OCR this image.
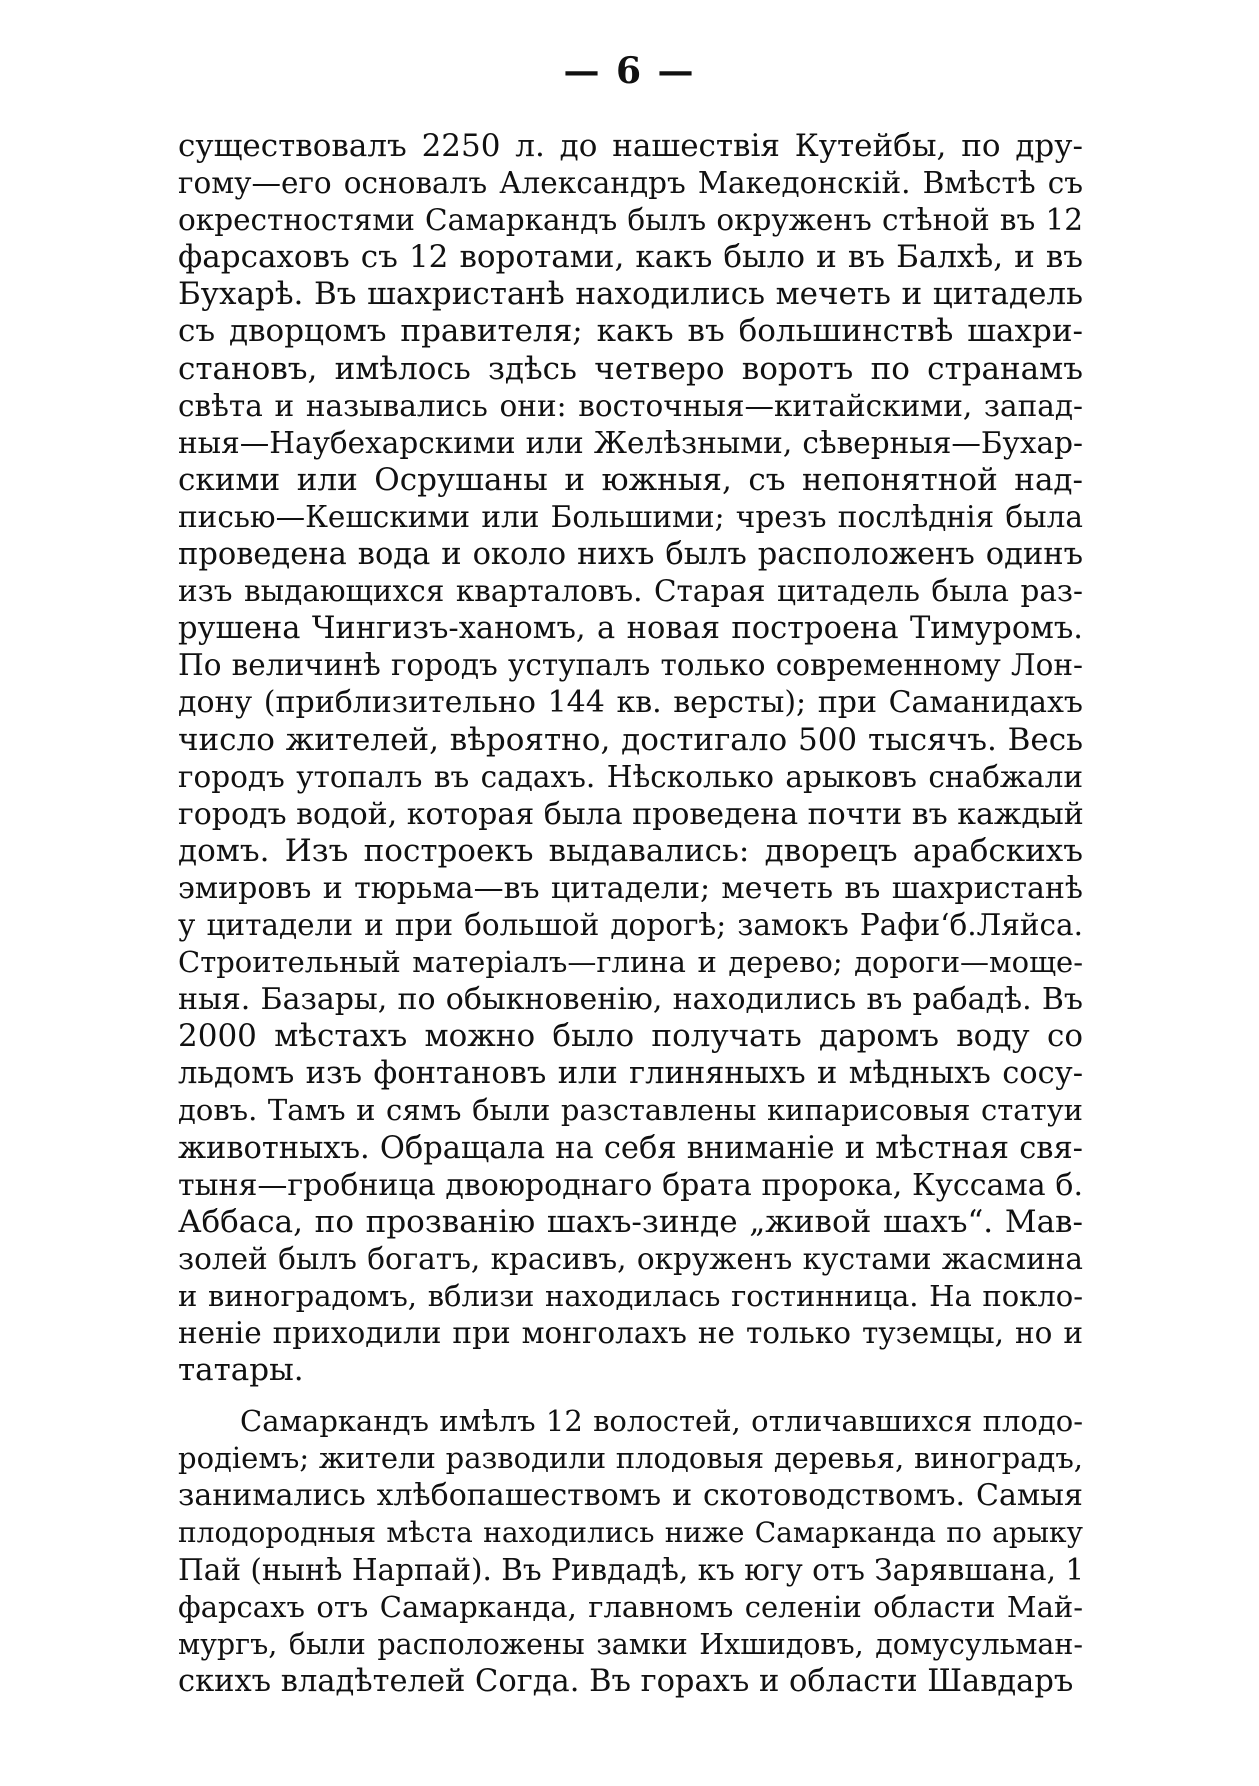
— 6 —
существовалъ 2250 л. до нашествія Кутейбы, по дру-
гому—его основалъ Александръ Македонскій. Вмѣстѣ съ
окрестностями Самаркандъ былъ окруженъ стѣной въ 12
фарсаховъ съ 12 воротами, какъ было и въ Балхѣ, и въ
Бухарѣ. Въ шахристанѣ находились мечеть и цитадель
съ дворцомъ правителя; какъ въ большинствѣ шахри-
становъ, имѣлось здѣсь четверо воротъ по странамъ
свѣта и назывались они: восточныя—китайскими, запад-
ныя—Наубехарскими или Желѣзными, сѣверныя—Бухар-
скими или Осрушаны и южныя, съ непонятной над-
писью—Кешскими или Большими; чрезъ послѣднія была
проведена вода и около нихъ былъ расположенъ одинъ
изъ выдающихся кварталовъ. Старая цитадель была раз-
рушена Чингизъ-ханомъ, а новая построена Тимуромъ.
По величинѣ городъ уступалъ только современному Лон-
дону (приблизительно 144 кв. версты); при Саманидахъ
число жителей, вѣроятно, достигало 500 тысячъ. Весь
городъ утопалъ въ садахъ. Нѣсколько арыковъ снабжали
городъ водой, которая была проведена почти въ каждый
домъ. Изъ построекъ выдавались: дворецъ арабскихъ
эмировъ и тюрьма—въ цитадели; мечеть въ шахристанѣ
у цитадели и при большой дорогѣ; замокъ Рафи‘б.Ляйса.
Строительный матеріалъ—глина и дерево; дороги—моще-
ныя. Базары, по обыкновенію, находились въ рабадѣ. Въ
2000 мѣстахъ можно было получать даромъ воду со
льдомъ изъ фонтановъ или глиняныхъ и мѣдныхъ сосу-
довъ. Тамъ и сямъ были разставлены кипарисовыя статуи
животныхъ. Обращала на себя вниманіе и мѣстная свя-
тыня—гробница двоюроднаго брата пророка, Куссама б.
Аббаса, по прозванію шахъ-зинде „живой шахъ“. Мав-
золей былъ богатъ, красивъ, окруженъ кустами жасмина
и виноградомъ, вблизи находилась гостинница. На покло-
неніе приходили при монголахъ не только туземцы, но и
татары.
Самаркандъ имѣлъ 12 волостей, отличавшихся плодо-
родіемъ; жители разводили плодовыя деревья, виноградъ,
занимались хлѣбопашествомъ и скотоводствомъ. Самыя
плодородныя мѣста находились ниже Самарканда по арыку
Пай (нынѣ Нарпай). Въ Ривдадѣ, къ югу отъ Зарявшана, 1
фарсахъ отъ Самарканда, главномъ селеніи области Май-
мургъ, были расположены замки Ихшидовъ, домусульман-
скихъ владѣтелей Согда. Въ горахъ и области Шавдаръ
